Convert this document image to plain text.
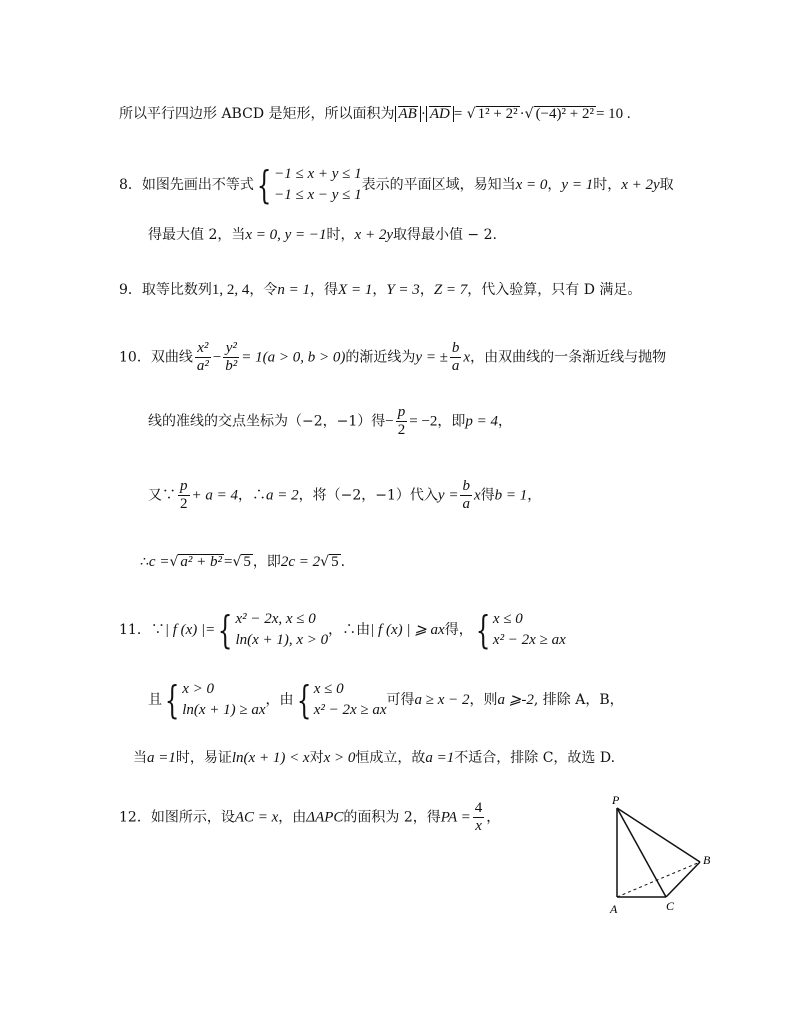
所以平行四边形 ABCD 是矩形，所以面积为 AB · AD = √ 1² + 2² ·√ (−4)² + 2² = 10 .
8．如图先画出不等式{ −1 ≤ x + y ≤ 1
−1 ≤ x − y ≤ 1
表示的平面区域，易知当x = 0，y = 1时，x + 2y取
得最大值 2，当x = 0, y = −1时，x + 2y取得最小值 − 2.
9．取等比数列1, 2, 4，令n = 1，得X = 1，Y = 3，Z = 7，代入验算，只有 D 满足。
10．双曲线 $\frac{\text{x²}}{\text{a²}} - \frac{\text{y²}}{\text{b²}} = 1(a > 0$, b > 0)的渐近线为y = ± $\frac{b}{a}$ x，由双曲线的一条渐近线与抛物
线的准线的交点坐标为（−2，−1）得− $\frac{p}{2} = -2$，即p = 4，
又∵ $\frac{p}{2} + a = 4$，∴a = 2，将（−2，−1）代入$y = \frac{b}{a}$ x得b = 1，
∴c =√ a² + b² =√ 5 ，即2c = 2√ 5 .
11．∵| f (x) |={ x² − 2x, x ≤ 0
ln(x + 1), x > 0
，∴由| f (x) | ⩾ ax得，{ x ≤ 0
x² − 2x ≥ ax
且{ x > 0
ln(x + 1) ≥ ax
，由{ x ≤ 0
x² − 2x ≥ ax
可得a ≥ x − 2，则a ⩾-2, 排除 A，B，
当a =1时，易证ln(x + 1) < x对x > 0恒成立，故a =1不适合，排除 C，故选 D.
12．如图所示，设AC = x，由ΔAPC的面积为 2，得PA = $\frac{4}{x}$ ，
P
A
B
C
